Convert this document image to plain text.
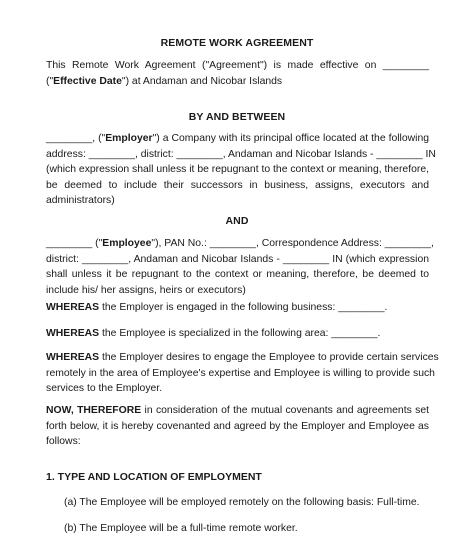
REMOTE WORK AGREEMENT
This Remote Work Agreement ("Agreement") is made effective on ________
("Effective Date") at Andaman and Nicobar Islands
BY AND BETWEEN
________, ("Employer") a Company with its principal office located at the following
address: ________, district: ________, Andaman and Nicobar Islands - ________ IN
(which expression shall unless it be repugnant to the context or meaning, therefore,
be deemed to include their successors in business, assigns, executors and
administrators)
AND
________ ("Employee"), PAN No.: ________, Correspondence Address: ________,
district: ________, Andaman and Nicobar Islands - ________ IN (which expression
shall unless it be repugnant to the context or meaning, therefore, be deemed to
include his/ her assigns, heirs or executors)
WHEREAS the Employer is engaged in the following business: ________.
WHEREAS the Employee is specialized in the following area: ________.
WHEREAS the Employer desires to engage the Employee to provide certain services
remotely in the area of Employee's expertise and Employee is willing to provide such
services to the Employer.
NOW, THEREFORE in consideration of the mutual covenants and agreements set
forth below, it is hereby covenanted and agreed by the Employer and Employee as
follows:
1. TYPE AND LOCATION OF EMPLOYMENT
(a) The Employee will be employed remotely on the following basis: Full-time.
(b) The Employee will be a full-time remote worker.
